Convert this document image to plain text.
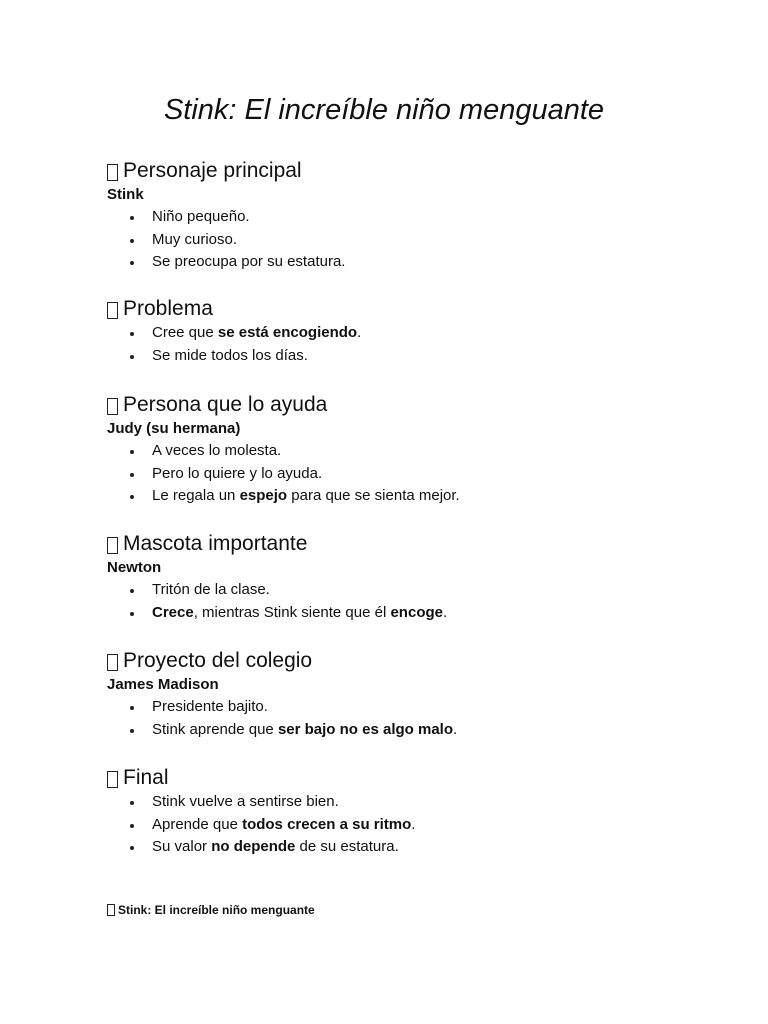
Stink: El increíble niño menguante
Personaje principal
Stink
Niño pequeño.
Muy curioso.
Se preocupa por su estatura.
Problema
Cree que se está encogiendo.
Se mide todos los días.
Persona que lo ayuda
Judy (su hermana)
A veces lo molesta.
Pero lo quiere y lo ayuda.
Le regala un espejo para que se sienta mejor.
Mascota importante
Newton
Tritón de la clase.
Crece, mientras Stink siente que él encoge.
Proyecto del colegio
James Madison
Presidente bajito.
Stink aprende que ser bajo no es algo malo.
Final
Stink vuelve a sentirse bien.
Aprende que todos crecen a su ritmo.
Su valor no depende de su estatura.
Stink: El increíble niño menguante
